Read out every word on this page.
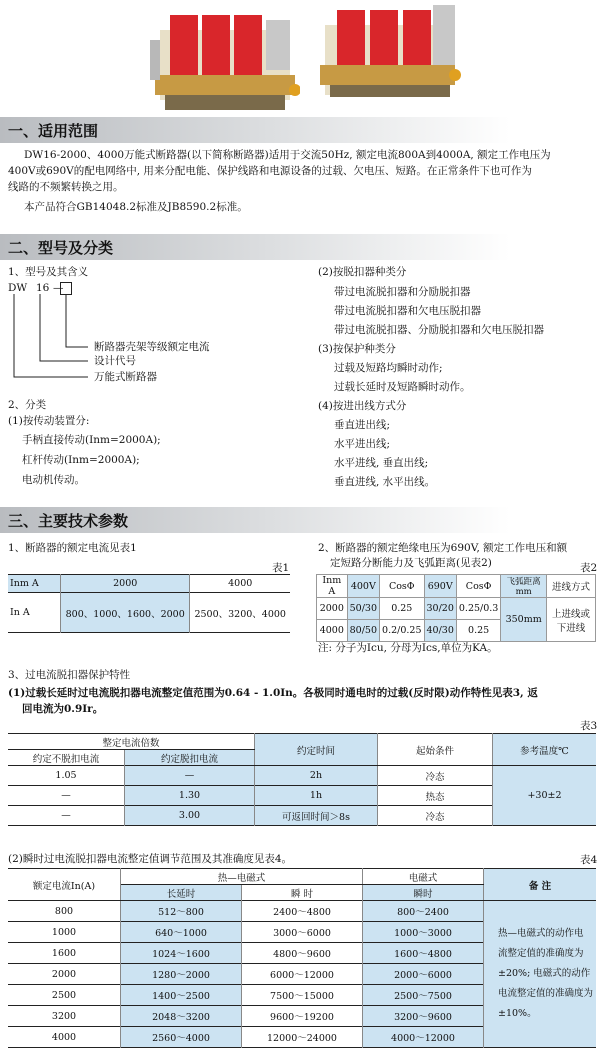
一、适用范围
DW16-2000、4000万能式断路器(以下简称断路器)适用于交流50Hz, 额定电流800A到4000A, 额定工作电压为
400V或690V的配电网络中, 用来分配电能、保护线路和电源设备的过载、欠电压、短路。在正常条件下也可作为
线路的不频繁转换之用。
本产品符合GB14048.2标准及JB8590.2标准。
二、型号及分类
1、型号及其含义
DW 16 —
断路器壳架等级额定电流
设计代号
万能式断路器
2、分类
(1)按传动装置分:
手柄直接传动(Inm=2000A);
杠杆传动(Inm=2000A);
电动机传动。
(2)按脱扣器种类分
带过电流脱扣器和分励脱扣器
带过电流脱扣器和欠电压脱扣器
带过电流脱扣器、分励脱扣器和欠电压脱扣器
(3)按保护种类分
过载及短路均瞬时动作;
过载长延时及短路瞬时动作。
(4)按进出线方式分
垂直进出线;
水平进出线;
水平进线, 垂直出线;
垂直进线, 水平出线。
三、主要技术参数
1、断路器的额定电流见表1
表1
Inm A	2000	4000
In A	800、1000、1600、2000	2500、3200、4000
2、断路器的额定绝缘电压为690V, 额定工作电压和额
定短路分断能力及飞弧距离(见表2)	表2
Inm A	400V	CosΦ	690V	CosΦ	飞弧距离mm	进线方式
2000	50/30	0.25	30/20	0.25/0.3	350mm	上进线或下进线
4000	80/50	0.2/0.25	40/30	0.25		
注: 分子为Icu, 分母为Ics,单位为KA。
3、过电流脱扣器保护特性
(1)过载长延时过电流脱扣器电流整定值范围为0.64 - 1.0In。各极同时通电时的过载(反时限)动作特性见表3, 返
回电流为0.9Ir。
表3
整定电流倍数		约定时间	起始条件	参考温度℃
约定不脱扣电流	约定脱扣电流			
1.05	—	2h	冷态	+30±2
—	1.30	1h	热态	
—	3.00	可返回时间＞8s	冷态	
(2)瞬时过电流脱扣器电流整定值调节范围及其准确度见表4。	表4
额定电流In(A)	热—电磁式		电磁式	备 注
	长延时	瞬 时	瞬时	
800	512～800	2400～4800	800～2400	热—电磁式的动作电
流整定值的准确度为
±20%; 电磁式的动作
电流整定值的准确度为
±10%。

1000	640～1000	3000～6000	1000～3000	
1600	1024～1600	4800～9600	1600～4800	
2000	1280～2000	6000～12000	2000～6000	
2500	1400～2500	7500～15000	2500～7500	
3200	2048～3200	9600～19200	3200～9600	
4000	2560～4000	12000～24000	4000～12000	
